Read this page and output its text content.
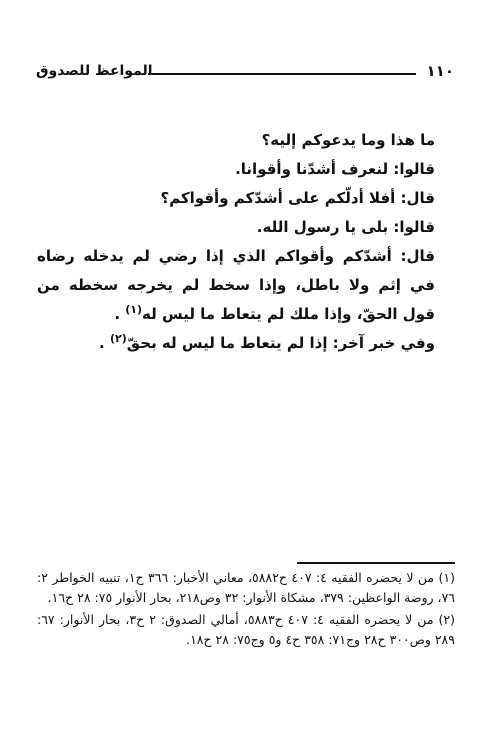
١١٠
المواعظ للصدوق

ما هذا وما يدعوكم إليه؟

قالوا: لنعرف أشدّنا وأقوانا.

قال: أفلا أدلّكم على أشدّكم وأقواكم؟

قالوا: بلى يا رسول الله.

قال: أشدّكم وأقواكم الذي إذا رضي لم يدخله رضاه في إثم ولا باطل، وإذا سخط لم يخرجه سخطه من قول الحقّ، وإذا ملك لم يتعاط ما ليس له$^{(١)}$ .

وفي خبر آخر: إذا لم يتعاط ما ليس له بحقّ$^{(٢)}$ .

(١) من لا يحضره الفقيه ٤: ٤٠٧ ح٥٨٨٢، معاني الأخبار: ٣٦٦ ح١، تنبيه الخواطر ٢: ٧٦، روضة الواعظين: ٣٧٩، مشكاة الأنوار: ٣٢ وص٢١٨، بحار الأنوار ٧٥: ٢٨ ح١٦.

(٢) من لا يحضره الفقيه ٤: ٤٠٧ ح٥٨٨٣، أمالي الصدوق: ٢ ح٣، بحار الأنوار: ٦٧: ٢٨٩ وص٣٠٠ ح٢٨ وج٧١: ٣٥٨ ح٤ و٥ وج٧٥: ٢٨ ح١٨.
